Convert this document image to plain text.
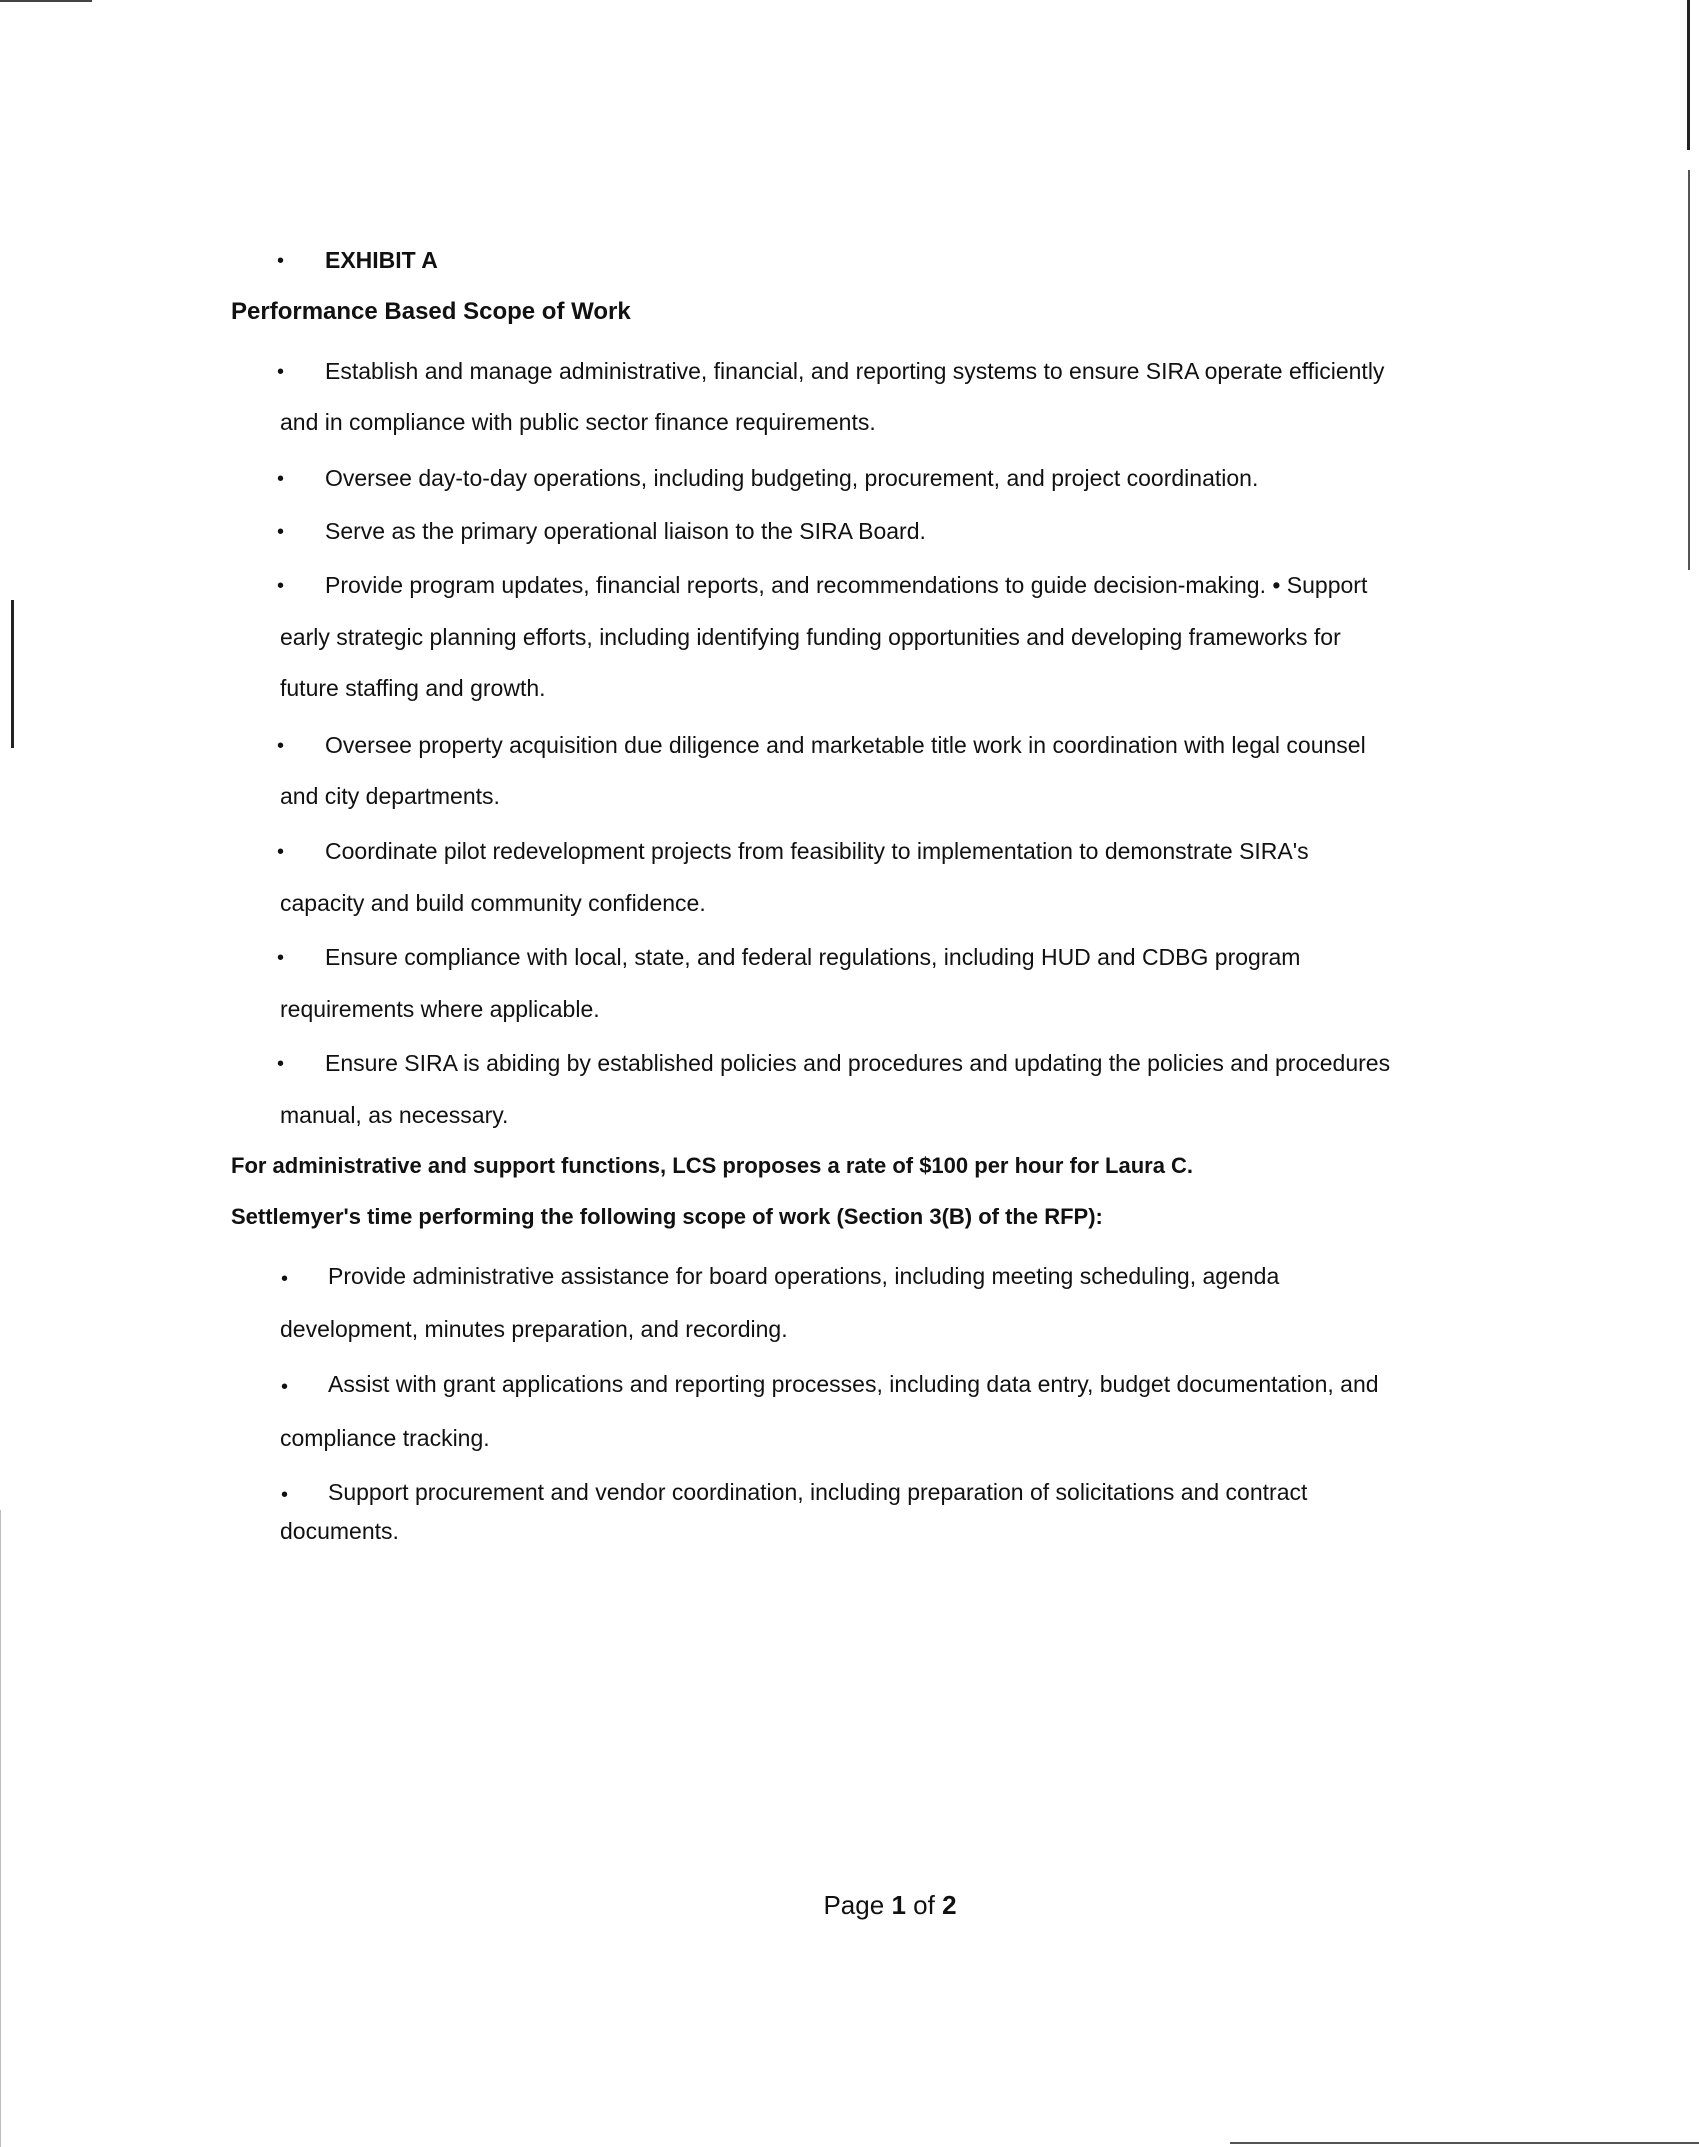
• EXHIBIT A
Performance Based Scope of Work
• Establish and manage administrative, financial, and reporting systems to ensure SIRA operate efficiently
and in compliance with public sector finance requirements.
• Oversee day-to-day operations, including budgeting, procurement, and project coordination.
• Serve as the primary operational liaison to the SIRA Board.
• Provide program updates, financial reports, and recommendations to guide decision-making. • Support
early strategic planning efforts, including identifying funding opportunities and developing frameworks for
future staffing and growth.
• Oversee property acquisition due diligence and marketable title work in coordination with legal counsel
and city departments.
• Coordinate pilot redevelopment projects from feasibility to implementation to demonstrate SIRA's
capacity and build community confidence.
• Ensure compliance with local, state, and federal regulations, including HUD and CDBG program
requirements where applicable.
• Ensure SIRA is abiding by established policies and procedures and updating the policies and procedures
manual, as necessary.
For administrative and support functions, LCS proposes a rate of $100 per hour for Laura C.
Settlemyer's time performing the following scope of work (Section 3(B) of the RFP):
• Provide administrative assistance for board operations, including meeting scheduling, agenda
development, minutes preparation, and recording.
• Assist with grant applications and reporting processes, including data entry, budget documentation, and
compliance tracking.
• Support procurement and vendor coordination, including preparation of solicitations and contract
documents.
Page 1 of 2
